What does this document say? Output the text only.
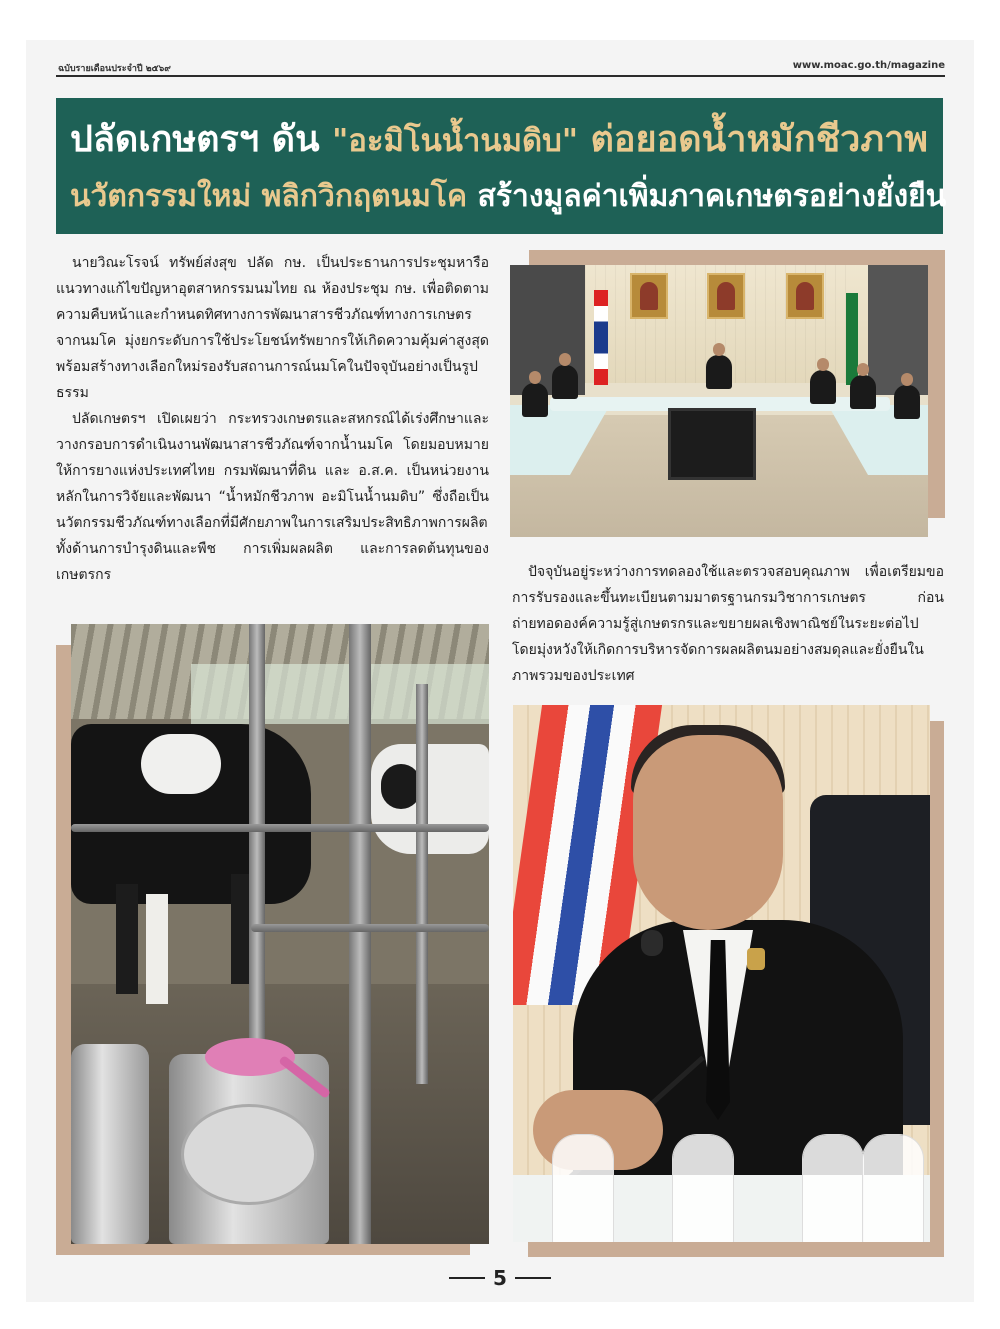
ฉบับรายเดือนประจำปี ๒๕๖๙	www.moac.go.th/magazine
ปลัดเกษตรฯ ดัน "อะมิโนน้ำนมดิบ" ต่อยอดน้ำหมักชีวภาพ
นวัตกรรมใหม่ พลิกวิกฤตนมโค สร้างมูลค่าเพิ่มภาคเกษตรอย่างยั่งยืน

นายวิณะโรจน์ ทรัพย์ส่งสุข ปลัด กษ. เป็นประธานการประชุมหารือแนวทางแก้ไขปัญหาอุตสาหกรรมนมไทย ณ ห้องประชุม กษ. เพื่อติดตามความคืบหน้าและกำหนดทิศทางการพัฒนาสารชีวภัณฑ์ทางการเกษตรจากนมโค มุ่งยกระดับการใช้ประโยชน์ทรัพยากรให้เกิดความคุ้มค่าสูงสุด พร้อมสร้างทางเลือกใหม่รองรับสถานการณ์นมโคในปัจจุบันอย่างเป็นรูปธรรม

ปลัดเกษตรฯ เปิดเผยว่า กระทรวงเกษตรและสหกรณ์ได้เร่งศึกษาและวางกรอบการดำเนินงานพัฒนาสารชีวภัณฑ์จากน้ำนมโค โดยมอบหมายให้การยางแห่งประเทศไทย กรมพัฒนาที่ดิน และ อ.ส.ค. เป็นหน่วยงานหลักในการวิจัยและพัฒนา “น้ำหมักชีวภาพ อะมิโนน้ำนมดิบ” ซึ่งถือเป็นนวัตกรรมชีวภัณฑ์ทางเลือกที่มีศักยภาพในการเสริมประสิทธิภาพการผลิต ทั้งด้านการบำรุงดินและพืช การเพิ่มผลผลิต และการลดต้นทุนของเกษตรกร	ปัจจุบันอยู่ระหว่างการทดลองใช้และตรวจสอบคุณภาพ เพื่อเตรียมขอการรับรองและขึ้นทะเบียนตามมาตรฐานกรมวิชาการเกษตร ก่อนถ่ายทอดองค์ความรู้สู่เกษตรกรและขยายผลเชิงพาณิชย์ในระยะต่อไป โดยมุ่งหวังให้เกิดการบริหารจัดการผลผลิตนมอย่างสมดุลและยั่งยืนในภาพรวมของประเทศ

5
